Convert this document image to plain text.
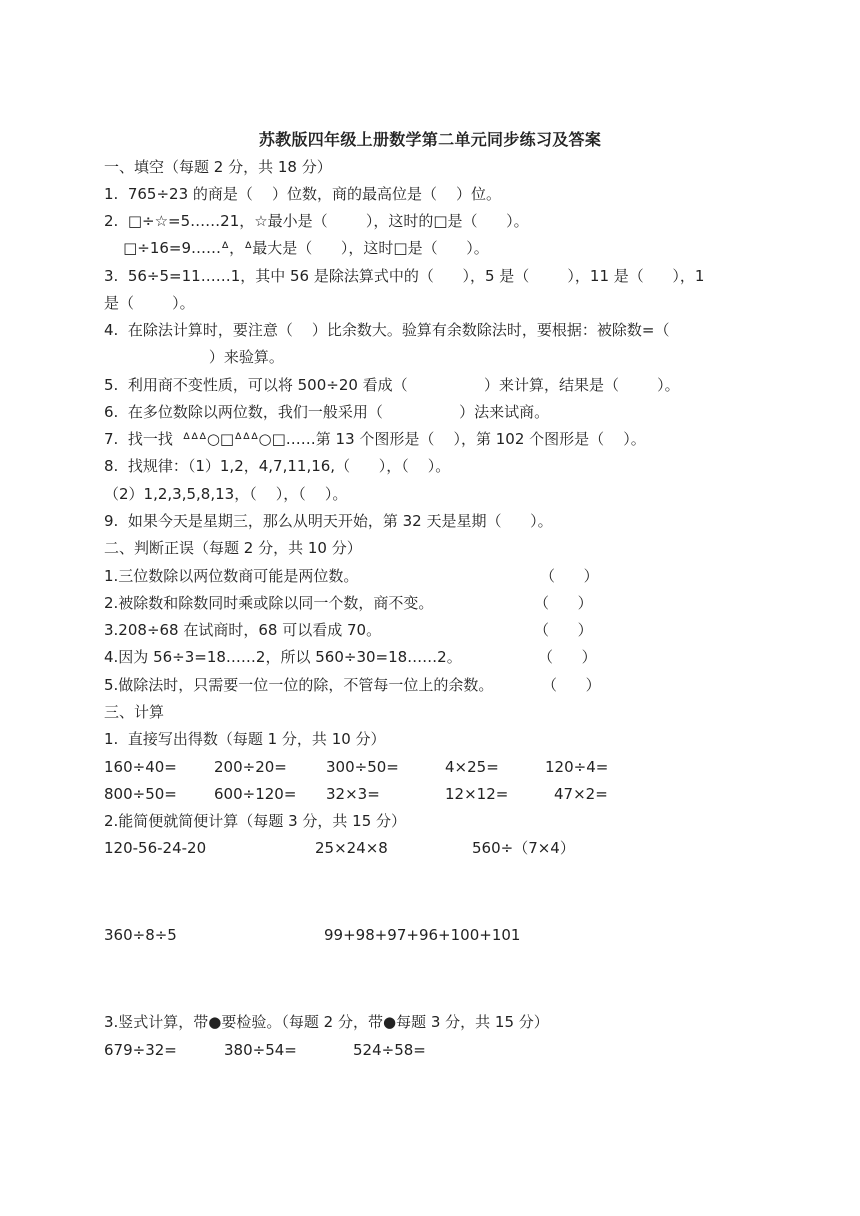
苏教版四年级上册数学第二单元同步练习及答案
一、填空（每题 2 分，共 18 分）
1.  765÷23 的商是（    ）位数，商的最高位是（    ）位。
2.  □÷☆=5……21，☆最小是（        ），这时的□是（      ）。
□÷16=9……ᐞ，ᐞ最大是（      ），这时□是（      ）。
3.  56÷5=11……1，其中 56 是除法算式中的（      ），5 是（        ），11 是（      ），1
是（        ）。
4.  在除法计算时，要注意（    ）比余数大。验算有余数除法时，要根据：被除数=（
）来验算。
5.  利用商不变性质，可以将 500÷20 看成（                ）来计算，结果是（        ）。
6.  在多位数除以两位数，我们一般采用（                ）法来试商。
7.  找一找  ᐞᐞᐞ○□ᐞᐞᐞ○□……第 13 个图形是（    ），第 102 个图形是（    ）。
8.  找规律：（1）1,2，4,7,11,16,（      ），（    ）。
（2）1,2,3,5,8,13，（    ），（    ）。
9.  如果今天是星期三，那么从明天开始，第 32 天是星期（      ）。
二、判断正误（每题 2 分，共 10 分）
1.三位数除以两位数商可能是两位数。	（      ）
2.被除数和除数同时乘或除以同一个数，商不变。	（      ）
3.208÷68 在试商时，68 可以看成 70。	（      ）
4.因为 56÷3=18……2，所以 560÷30=18……2。	（      ）
5.做除法时，只需要一位一位的除，不管每一位上的余数。	（      ）
三、计算
1.  直接写出得数（每题 1 分，共 10 分）
160÷40= 200÷20=	300÷50=	4×25=	120÷4=
800÷50= 600÷120= 32×3=	12×12=	47×2=
2.能简便就简便计算（每题 3 分，共 15 分）
120-56-24-20	25×24×8	560÷（7×4）
360÷8÷5	99+98+97+96+100+101
3.竖式计算，带●要检验。（每题 2 分，带●每题 3 分，共 15 分）
679÷32=	380÷54=	524÷58=
